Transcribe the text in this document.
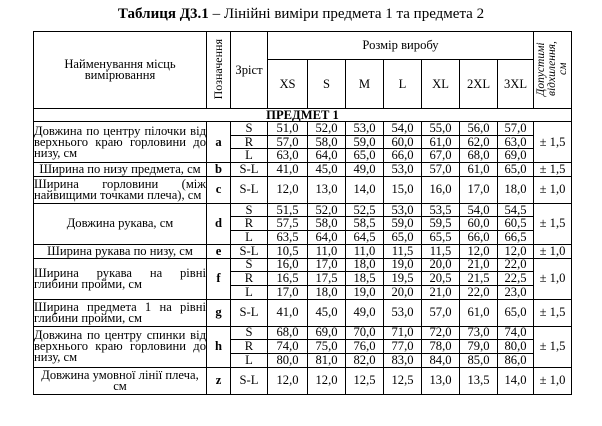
Таблиця Д3.1 – Лінійні виміри предмета 1 та предмета 2
Найменування місць вимірювання	Позначення	Зріст	Розмір виробу							Допустимі відхилення, см
			XS	S	M	L	XL	2XL	3XL	
ПРЕДМЕТ 1										
Довжина по центру пілочки від верхнього краю горловини до низу, см	a	S	51,0	52,0	53,0	54,0	55,0	56,0	57,0	± 1,5
		R	57,0	58,0	59,0	60,0	61,0	62,0	63,0	
		L	63,0	64,0	65,0	66,0	67,0	68,0	69,0	
Ширина по низу предмета, см	b	S-L	41,0	45,0	49,0	53,0	57,0	61,0	65,0	± 1,5
Ширина горловини (між найвищими точками плеча), см	c	S-L	12,0	13,0	14,0	15,0	16,0	17,0	18,0	± 1,0
Довжина рукава, см	d	S	51,5	52,0	52,5	53,0	53,5	54,0	54,5	± 1,5
		R	57,5	58,0	58,5	59,0	59,5	60,0	60,5	
		L	63,5	64,0	64,5	65,0	65,5	66,0	66,5	
Ширина рукава по низу, см	e	S-L	10,5	11,0	11,0	11,5	11,5	12,0	12,0	± 1,0
Ширина рукава на рівні глибини пройми, см	f	S	16,0	17,0	18,0	19,0	20,0	21,0	22,0	± 1,0
		R	16,5	17,5	18,5	19,5	20,5	21,5	22,5	
		L	17,0	18,0	19,0	20,0	21,0	22,0	23,0	
Ширина предмета 1 на рівні глибини пройми, см	g	S-L	41,0	45,0	49,0	53,0	57,0	61,0	65,0	± 1,5
Довжина по центру спинки від верхнього краю горловини до низу, см	h	S	68,0	69,0	70,0	71,0	72,0	73,0	74,0	± 1,5
		R	74,0	75,0	76,0	77,0	78,0	79,0	80,0	
		L	80,0	81,0	82,0	83,0	84,0	85,0	86,0	
Довжина умовної лінії плеча, см	z	S-L	12,0	12,0	12,5	12,5	13,0	13,5	14,0	± 1,0
